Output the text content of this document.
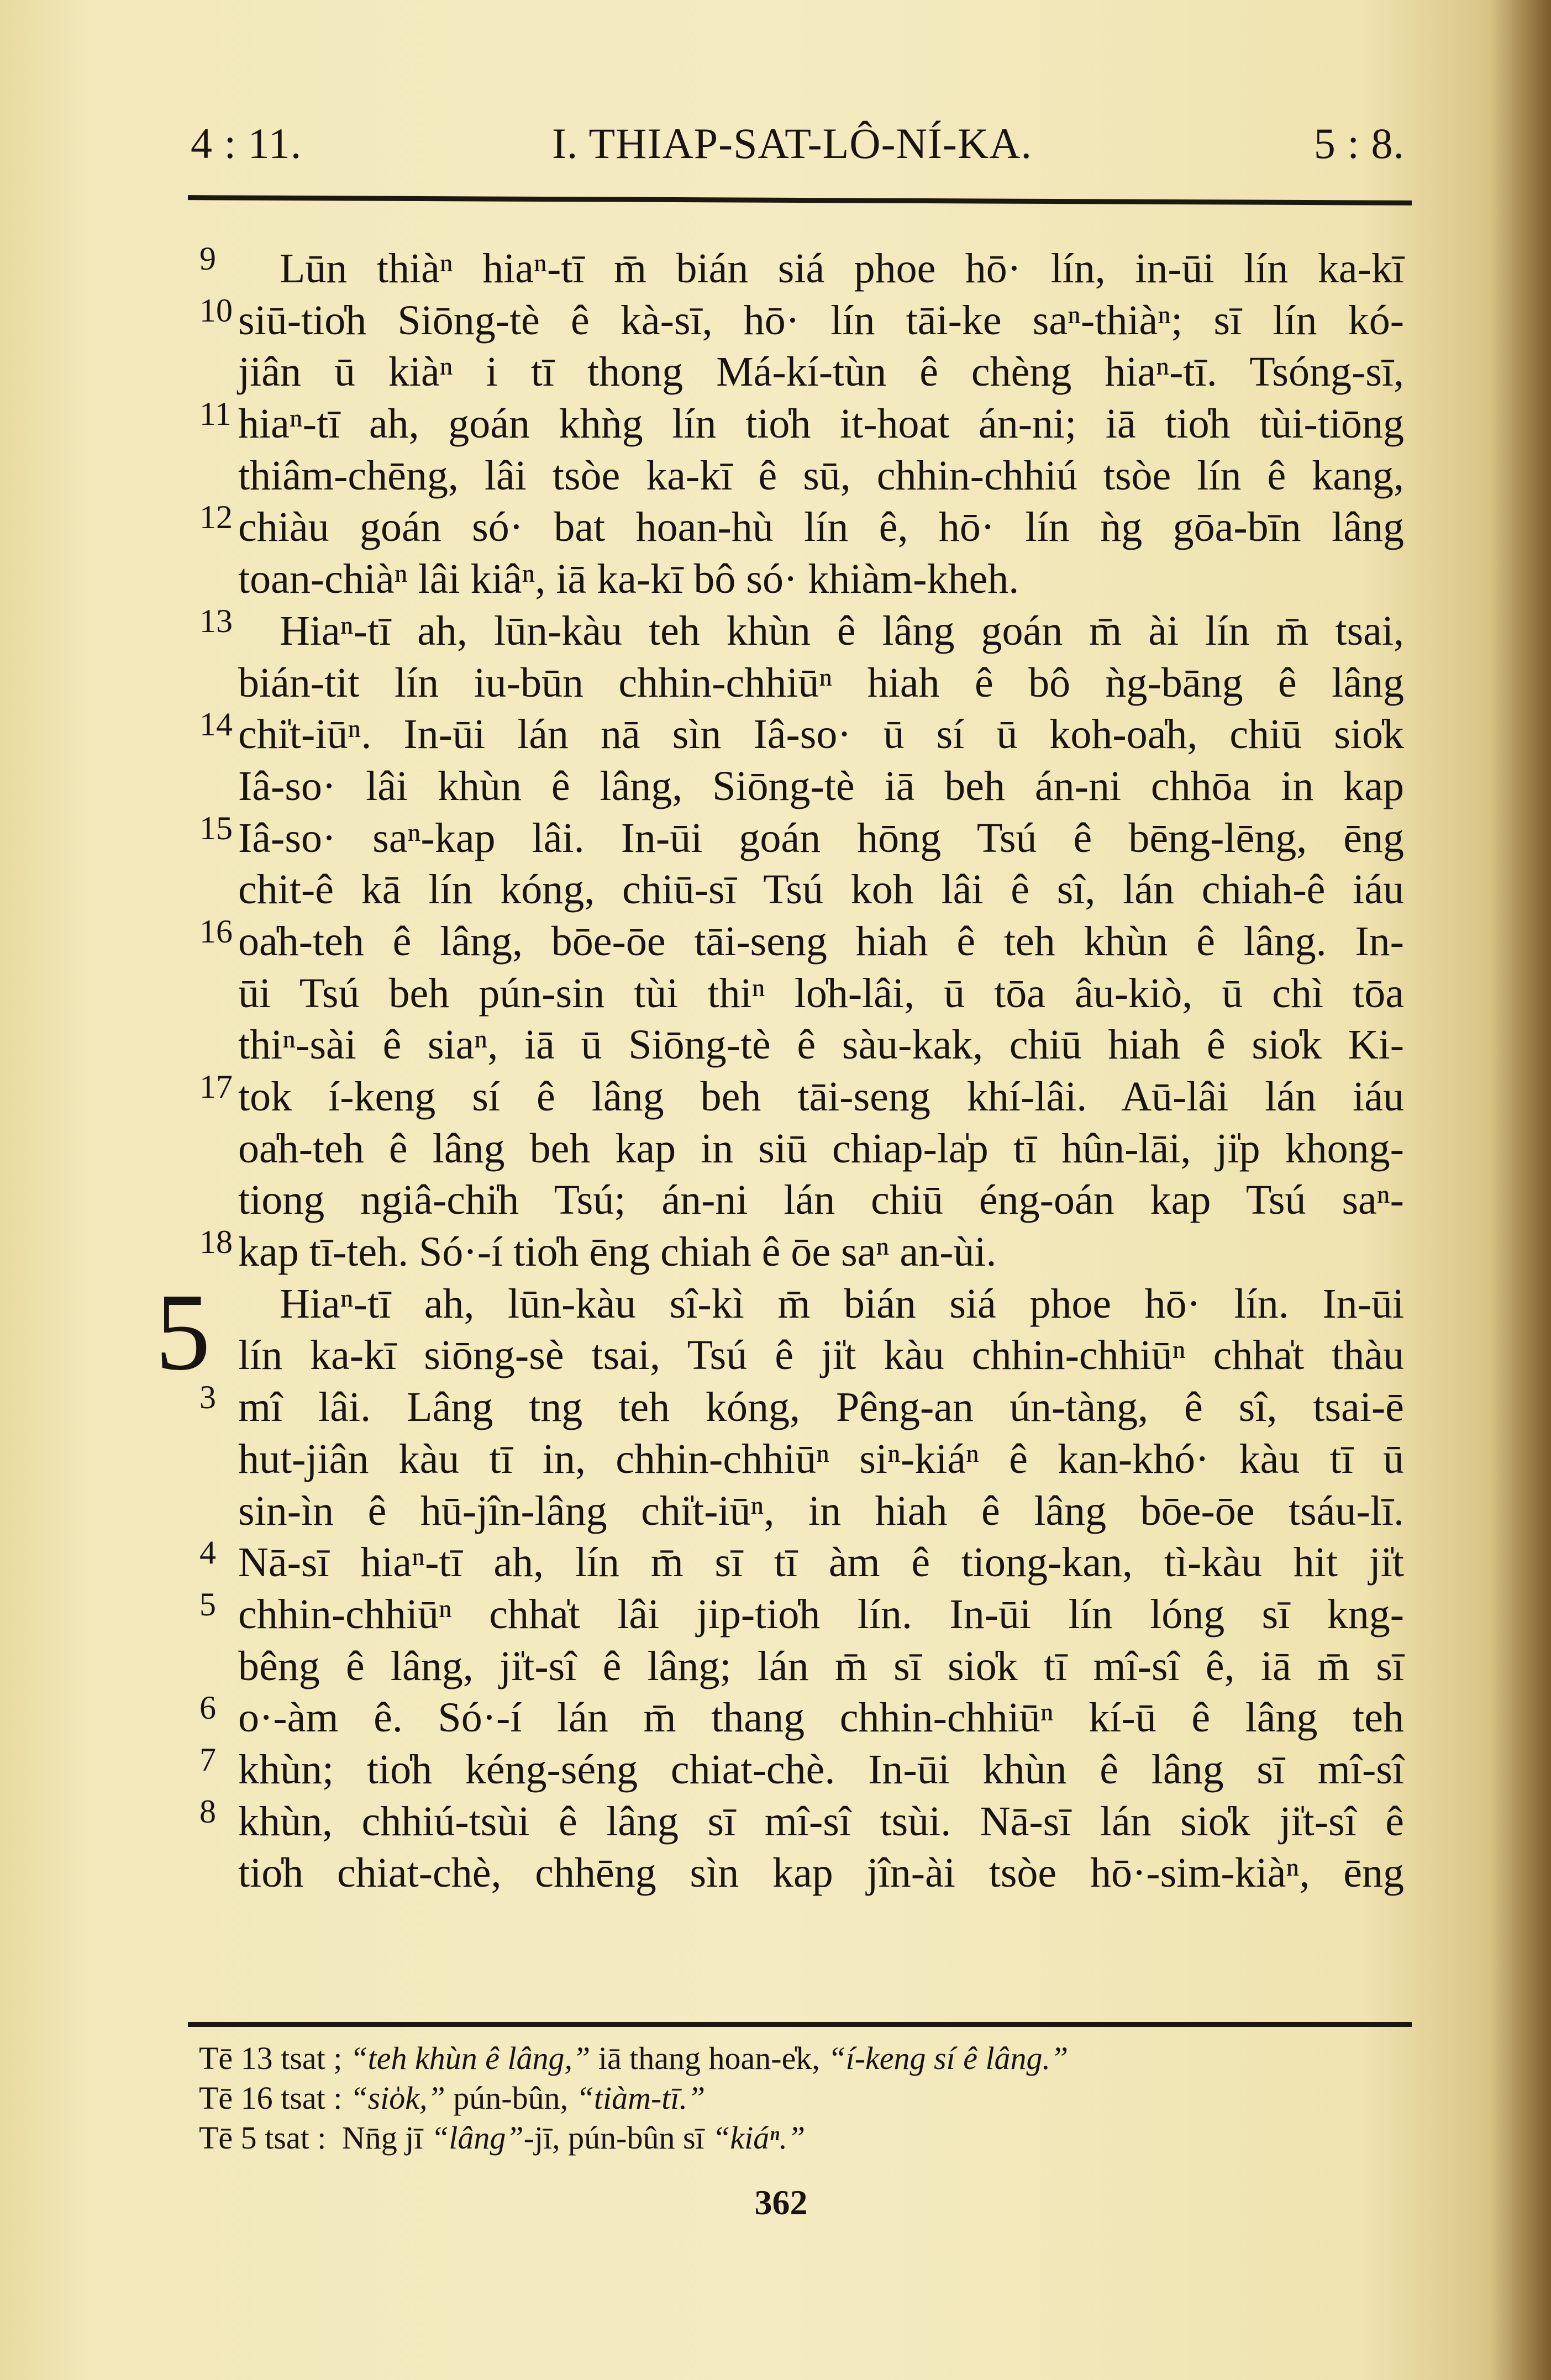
4 : 11.	I. THIAP-SAT-LÔ-NÍ-KA.	5 : 8.
9	Lūn thiàⁿ hiaⁿ-tī m̄ bián siá phoe hō· lín, in-ūi lín ka-kī
10 siū-tio̍h Siōng-tè ê kà-sī, hō· lín tāi-ke saⁿ-thiàⁿ; sī lín kó-
jiân ū kiàⁿ i tī thong Má-kí-tùn ê chèng hiaⁿ-tī. Tsóng-sī,
11 hiaⁿ-tī ah, goán khǹg lín tio̍h it-hoat án-ni; iā tio̍h tùi-tiōng
thiâm-chēng, lâi tsòe ka-kī ê sū, chhin-chhiú tsòe lín ê kang,
12 chiàu goán só· bat hoan-hù lín ê, hō· lín ǹg gōa-bīn lâng
toan-chiàⁿ lâi kiâⁿ, iā ka-kī bô só· khiàm-kheh.
13	Hiaⁿ-tī ah, lūn-kàu teh khùn ê lâng goán m̄ ài lín m̄ tsai,
bián-tit lín iu-būn chhin-chhiūⁿ hiah ê bô ǹg-bāng ê lâng
14 chi̍t-iūⁿ. In-ūi lán nā sìn Iâ-so· ū sí ū koh-oa̍h, chiū sio̍k
Iâ-so· lâi khùn ê lâng, Siōng-tè iā beh án-ni chhōa in kap
15 Iâ-so· saⁿ-kap lâi. In-ūi goán hōng Tsú ê bēng-lēng, ēng
chit-ê kā lín kóng, chiū-sī Tsú koh lâi ê sî, lán chiah-ê iáu
16 oa̍h-teh ê lâng, bōe-ōe tāi-seng hiah ê teh khùn ê lâng. In-
ūi Tsú beh pún-sin tùi thiⁿ lo̍h-lâi, ū tōa âu-kiò, ū chì tōa
thiⁿ-sài ê siaⁿ, iā ū Siōng-tè ê sàu-kak, chiū hiah ê sio̍k Ki-
17 tok í-keng sí ê lâng beh tāi-seng khí-lâi. Aū-lâi lán iáu
oa̍h-teh ê lâng beh kap in siū chiap-la̍p tī hûn-lāi, ji̍p khong-
tiong ngiâ-chi̍h Tsú; án-ni lán chiū éng-oán kap Tsú saⁿ-
18 kap tī-teh. Só·-í tio̍h ēng chiah ê ōe saⁿ an-ùi.
5	Hiaⁿ-tī ah, lūn-kàu sî-kì m̄ bián siá phoe hō· lín. In-ūi
lín ka-kī siōng-sè tsai, Tsú ê ji̍t kàu chhin-chhiūⁿ chha̍t thàu
3 mî lâi. Lâng tng teh kóng, Pêng-an ún-tàng, ê sî, tsai-ē
hut-jiân kàu tī in, chhin-chhiūⁿ siⁿ-kiáⁿ ê kan-khó· kàu tī ū
sin-ìn ê hū-jîn-lâng chi̍t-iūⁿ, in hiah ê lâng bōe-ōe tsáu-lī.
4 Nā-sī hiaⁿ-tī ah, lín m̄ sī tī àm ê tiong-kan, tì-kàu hit ji̍t
5 chhin-chhiūⁿ chha̍t lâi jip-tio̍h lín. In-ūi lín lóng sī kng-
bêng ê lâng, ji̍t-sî ê lâng; lán m̄ sī sio̍k tī mî-sî ê, iā m̄ sī
6 o·-àm ê. Só·-í lán m̄ thang chhin-chhiūⁿ kí-ū ê lâng teh
7 khùn; tio̍h kéng-séng chiat-chè. In-ūi khùn ê lâng sī mî-sî
8 khùn, chhiú-tsùi ê lâng sī mî-sî tsùi. Nā-sī lán sio̍k ji̍t-sî ê
tio̍h chiat-chè, chhēng sìn kap jîn-ài tsòe hō·-sim-kiàⁿ, ēng
Tē 13 tsat ; “teh khùn ê lâng,” iā thang hoan-e̍k, “í-keng sí ê lâng.”
Tē 16 tsat : “sio̍k,” pún-bûn, “tiàm-tī.”
Tē 5 tsat : Nn̄g jī “lâng”-jī, pún-bûn sī “kiáⁿ.”
362
